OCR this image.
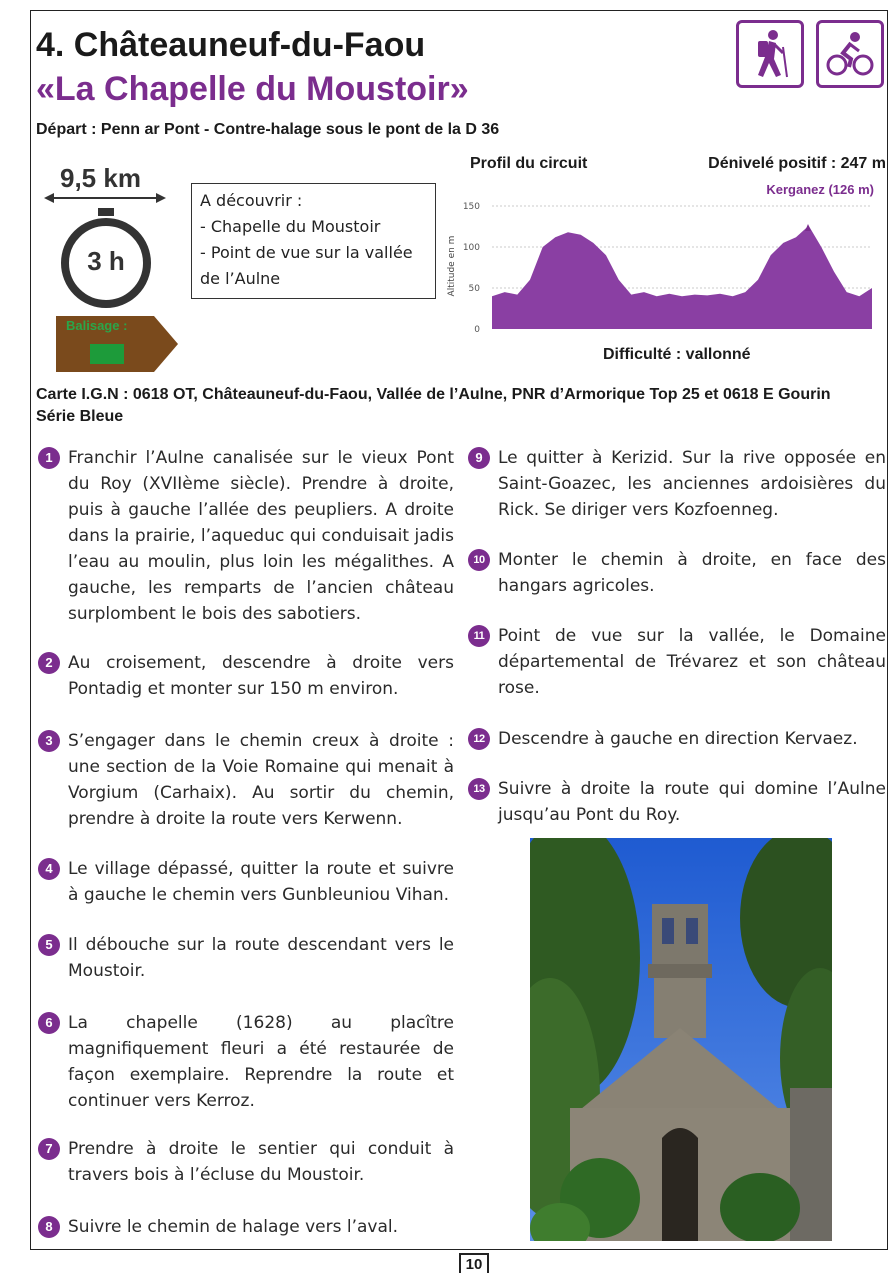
4. Châteauneuf-du-Faou
«La Chapelle du Moustoir»
Départ : Penn ar Pont - Contre-halage sous le pont de la D 36
9,5 km
3 h
Balisage :
A découvrir :
- Chapelle du Moustoir
- Point de vue sur la vallée de l’Aulne
Profil du circuit	Dénivelé positif : 247 m
Kerganez (126 m)
Altitude en m
150
100
50
0
Difficulté : vallonné
Carte I.G.N : 0618 OT, Châteauneuf-du-Faou, Vallée de l’Aulne, PNR d’Armorique Top 25 et 0618 E Gourin Série Bleue
1 Franchir l’Aulne canalisée sur le vieux Pont du Roy (XVIIème siècle). Prendre à droite, puis à gauche l’allée des peupliers. A droite dans la prairie, l’aqueduc qui conduisait jadis l’eau au moulin, plus loin les mégalithes. A gauche, les remparts de l’ancien château surplombent le bois des sabotiers.
2 Au croisement, descendre à droite vers Pontadig et monter sur 150 m environ.
3 S’engager dans le chemin creux à droite : une section de la Voie Romaine qui menait à Vorgium (Carhaix). Au sortir du chemin, prendre à droite la route vers Kerwenn.
4 Le village dépassé, quitter la route et suivre à gauche le chemin vers Gunbleuniou Vihan.
5 Il débouche sur la route descendant vers le Moustoir.
6 La chapelle (1628) au placître magnifiquement fleuri a été restaurée de façon exemplaire. Reprendre la route et continuer vers Kerroz.
7 Prendre à droite le sentier qui conduit à travers bois à l’écluse du Moustoir.
8 Suivre le chemin de halage vers l’aval.
9 Le quitter à Kerizid. Sur la rive opposée en Saint-Goazec, les anciennes ardoisières du Rick. Se diriger vers Kozfoenneg.
10 Monter le chemin à droite, en face des hangars agricoles.
11 Point de vue sur la vallée, le Domaine départemental de Trévarez et son château rose.
12 Descendre à gauche en direction Kervaez.
13 Suivre à droite la route qui domine l’Aulne jusqu’au Pont du Roy.
10
